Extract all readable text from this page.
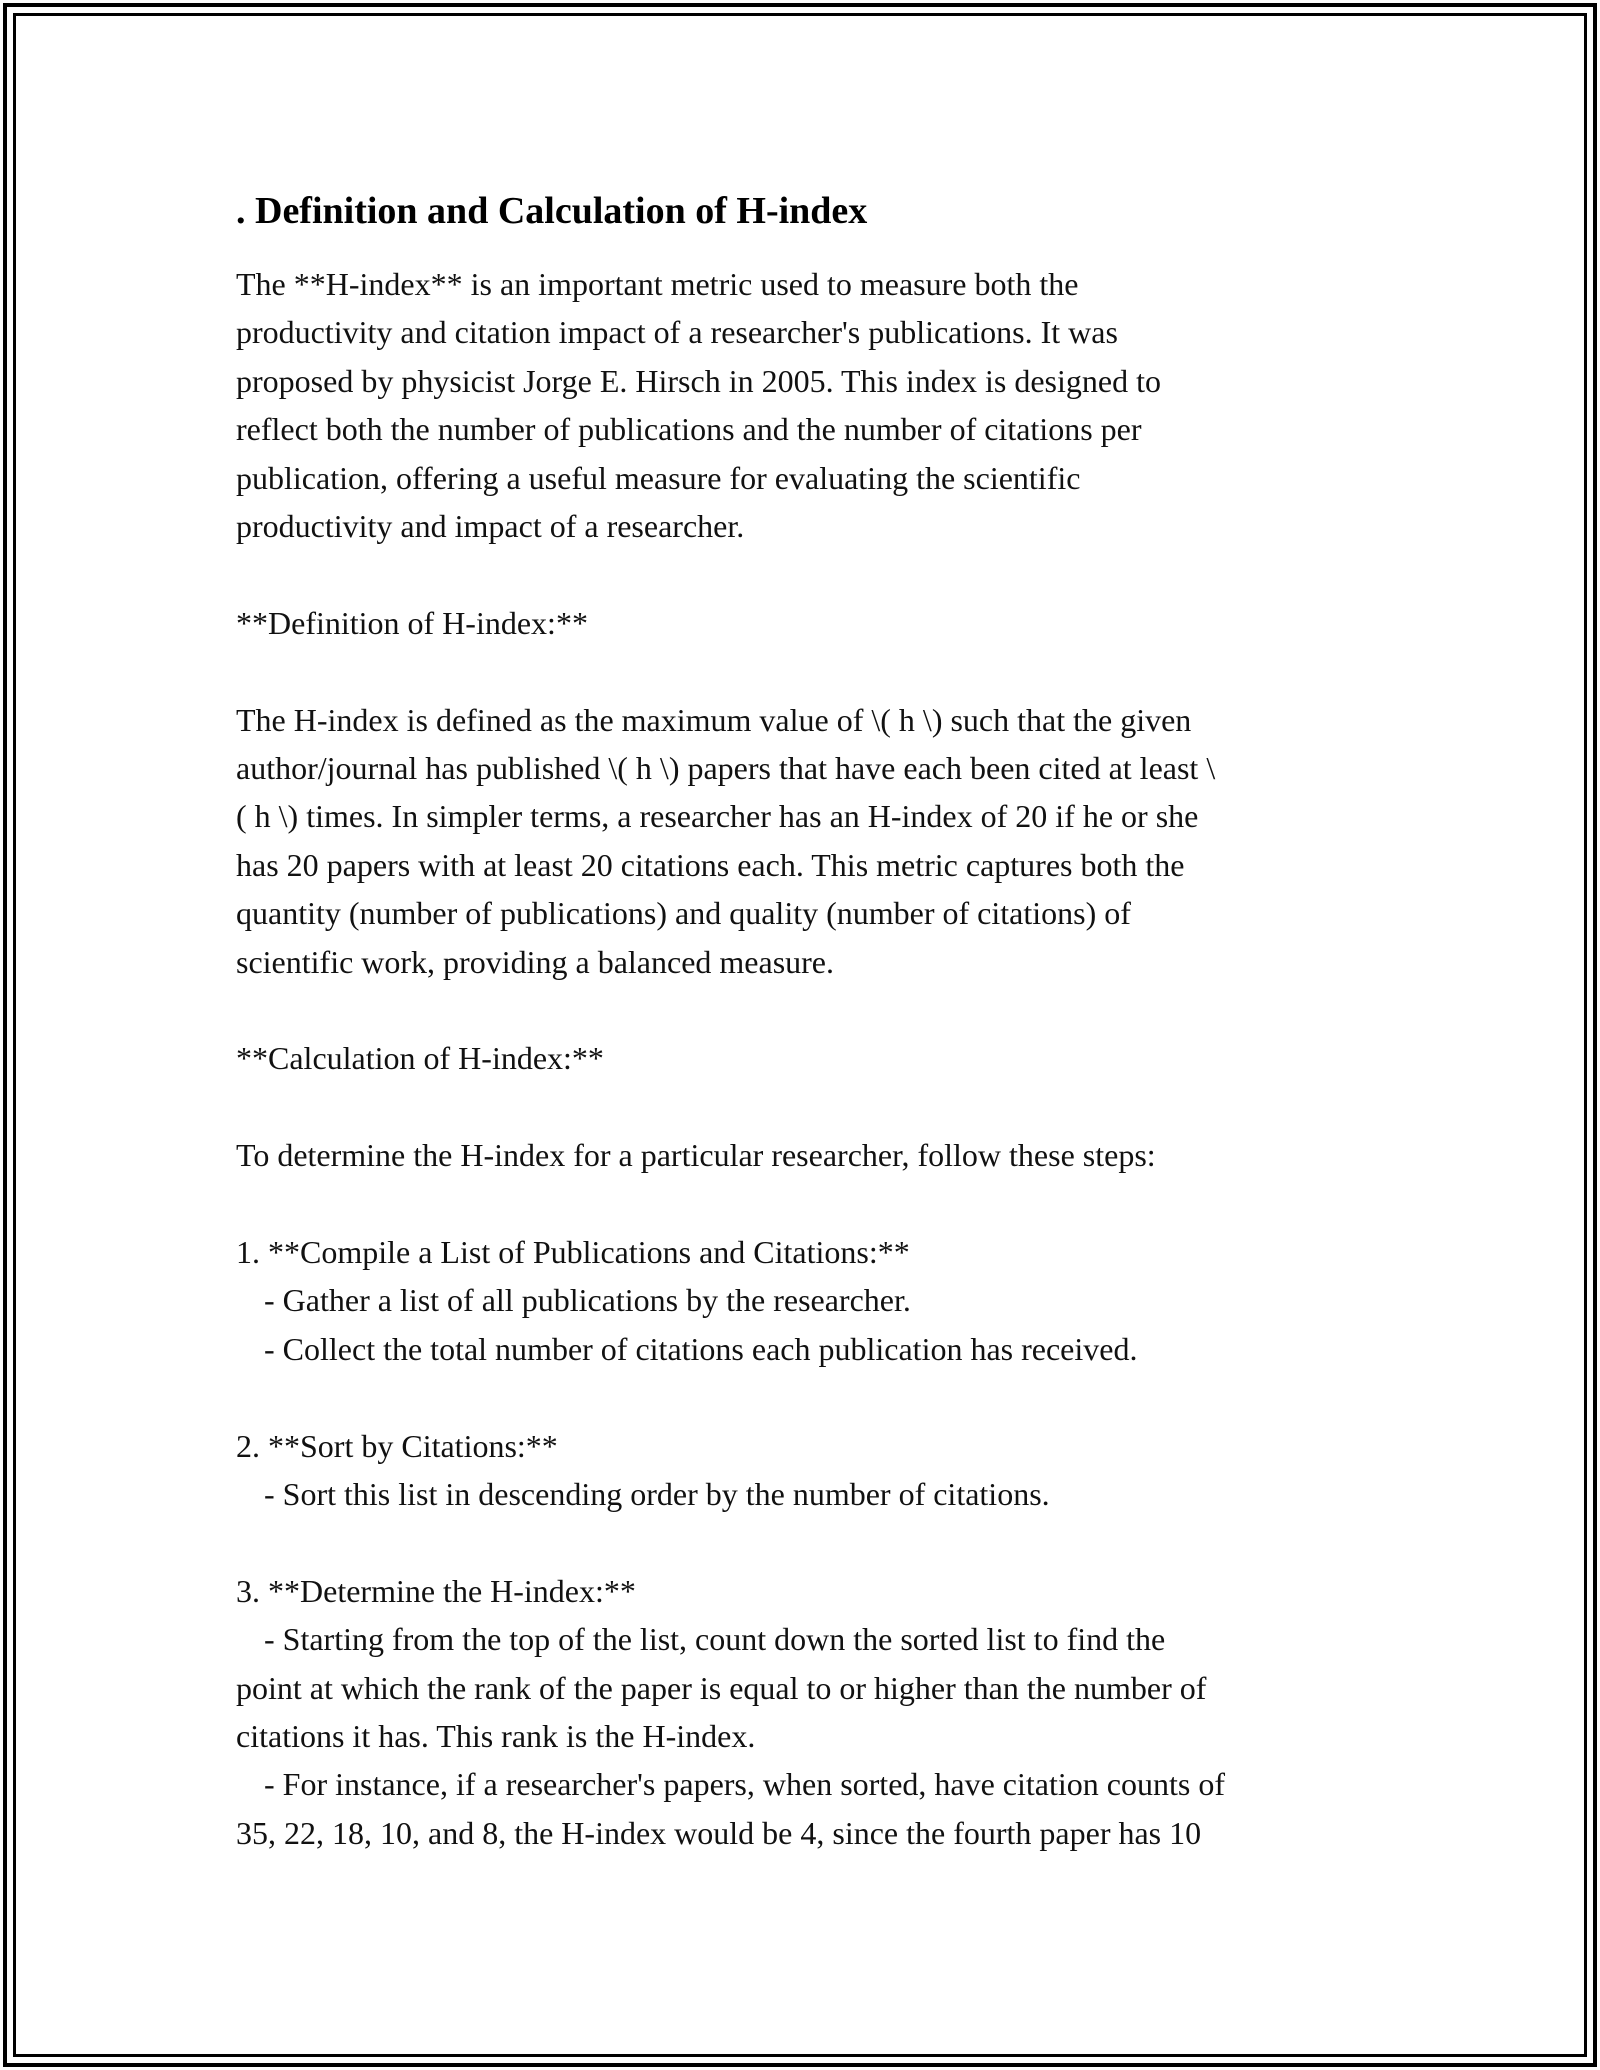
. Definition and Calculation of H-index
The **H-index** is an important metric used to measure both the
productivity and citation impact of a researcher's publications. It was
proposed by physicist Jorge E. Hirsch in 2005. This index is designed to
reflect both the number of publications and the number of citations per
publication, offering a useful measure for evaluating the scientific
productivity and impact of a researcher.
**Definition of H-index:**
The H-index is defined as the maximum value of \( h \) such that the given
author/journal has published \( h \) papers that have each been cited at least \
( h \) times. In simpler terms, a researcher has an H-index of 20 if he or she
has 20 papers with at least 20 citations each. This metric captures both the
quantity (number of publications) and quality (number of citations) of
scientific work, providing a balanced measure.
**Calculation of H-index:**
To determine the H-index for a particular researcher, follow these steps:
1. **Compile a List of Publications and Citations:**
- Gather a list of all publications by the researcher.
- Collect the total number of citations each publication has received.
2. **Sort by Citations:**
- Sort this list in descending order by the number of citations.
3. **Determine the H-index:**
- Starting from the top of the list, count down the sorted list to find the
point at which the rank of the paper is equal to or higher than the number of
citations it has. This rank is the H-index.
- For instance, if a researcher's papers, when sorted, have citation counts of
35, 22, 18, 10, and 8, the H-index would be 4, since the fourth paper has 10
